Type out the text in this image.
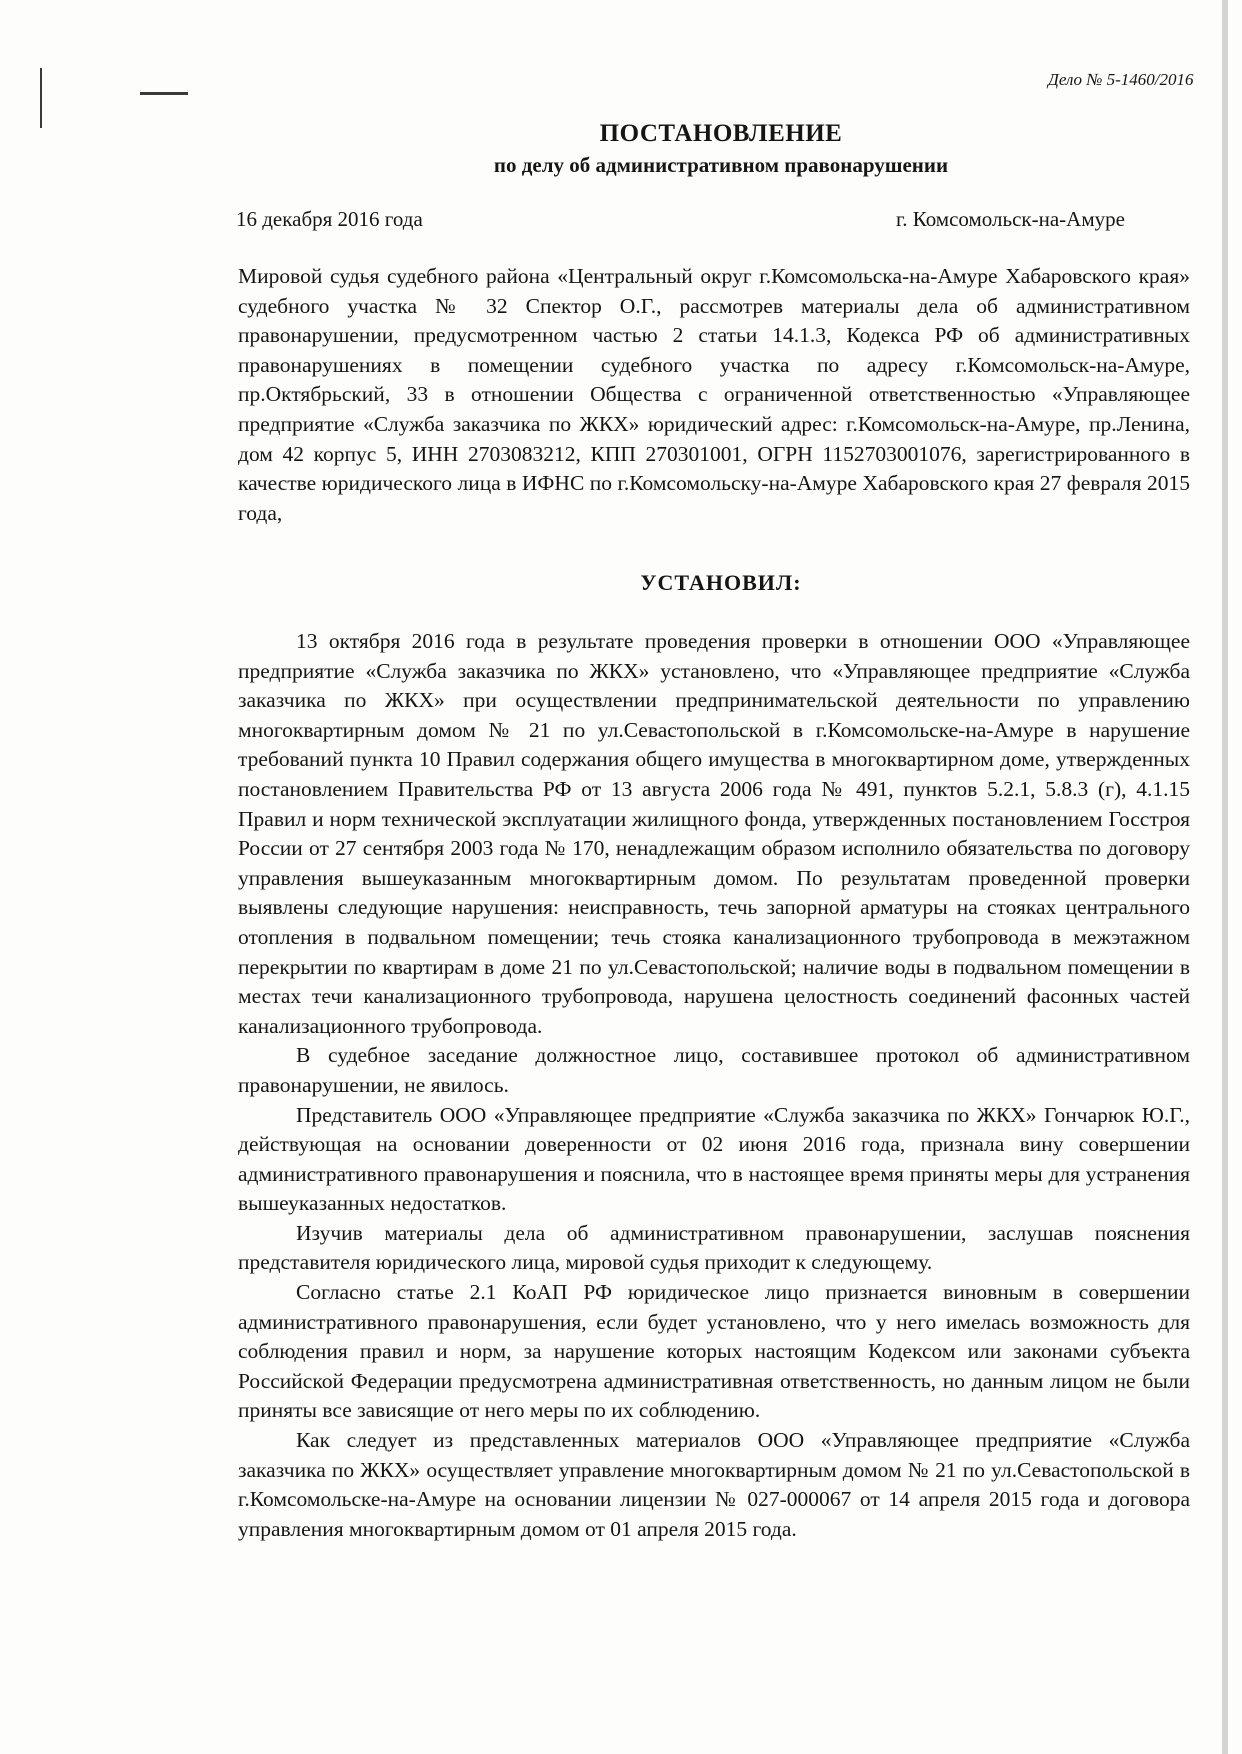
Дело № 5-1460/2016
ПОСТАНОВЛЕНИЕ
по делу об административном правонарушении
16 декабря 2016 года	г. Комсомольск-на-Амуре

Мировой судья судебного района «Центральный округ г.Комсомольска-на-Амуре Хабаровского края» судебного участка № 32 Спектор О.Г., рассмотрев материалы дела об административном правонарушении, предусмотренном частью 2 статьи 14.1.3, Кодекса РФ об административных правонарушениях в помещении судебного участка по адресу г.Комсомольск-на-Амуре, пр.Октябрьский, 33 в отношении Общества с ограниченной ответственностью «Управляющее предприятие «Служба заказчика по ЖКХ» юридический адрес: г.Комсомольск-на-Амуре, пр.Ленина, дом 42 корпус 5, ИНН 2703083212, КПП 270301001, ОГРН 1152703001076, зарегистрированного в качестве юридического лица в ИФНС по г.Комсомольску-на-Амуре Хабаровского края 27 февраля 2015 года,

УСТАНОВИЛ:

13 октября 2016 года в результате проведения проверки в отношении ООО «Управляющее предприятие «Служба заказчика по ЖКХ» установлено, что «Управляющее предприятие «Служба заказчика по ЖКХ» при осуществлении предпринимательской деятельности по управлению многоквартирным домом № 21 по ул.Севастопольской в г.Комсомольске-на-Амуре в нарушение требований пункта 10 Правил содержания общего имущества в многоквартирном доме, утвержденных постановлением Правительства РФ от 13 августа 2006 года № 491, пунктов 5.2.1, 5.8.3 (г), 4.1.15 Правил и норм технической эксплуатации жилищного фонда, утвержденных постановлением Госстроя России от 27 сентября 2003 года № 170, ненадлежащим образом исполнило обязательства по договору управления вышеуказанным многоквартирным домом. По результатам проведенной проверки выявлены следующие нарушения: неисправность, течь запорной арматуры на стояках центрального отопления в подвальном помещении; течь стояка канализационного трубопровода в межэтажном перекрытии по квартирам в доме 21 по ул.Севастопольской; наличие воды в подвальном помещении в местах течи канализационного трубопровода, нарушена целостность соединений фасонных частей канализационного трубопровода.

В судебное заседание должностное лицо, составившее протокол об административном правонарушении, не явилось.

Представитель ООО «Управляющее предприятие «Служба заказчика по ЖКХ» Гончарюк Ю.Г., действующая на основании доверенности от 02 июня 2016 года, признала вину совершении административного правонарушения и пояснила, что в настоящее время приняты меры для устранения вышеуказанных недостатков.

Изучив материалы дела об административном правонарушении, заслушав пояснения представителя юридического лица, мировой судья приходит к следующему.

Согласно статье 2.1 КоАП РФ юридическое лицо признается виновным в совершении административного правонарушения, если будет установлено, что у него имелась возможность для соблюдения правил и норм, за нарушение которых настоящим Кодексом или законами субъекта Российской Федерации предусмотрена административная ответственность, но данным лицом не были приняты все зависящие от него меры по их соблюдению.

Как следует из представленных материалов ООО «Управляющее предприятие «Служба заказчика по ЖКХ» осуществляет управление многоквартирным домом № 21 по ул.Севастопольской в г.Комсомольске-на-Амуре на основании лицензии № 027-000067 от 14 апреля 2015 года и договора управления многоквартирным домом от 01 апреля 2015 года.
